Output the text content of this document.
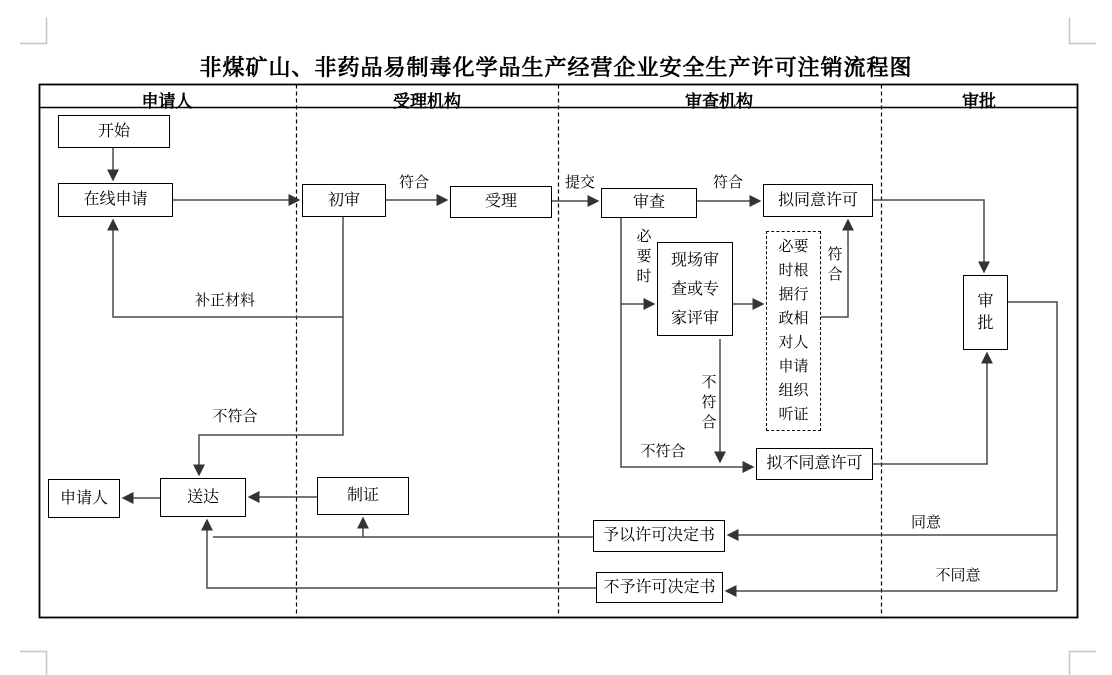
非煤矿山、非药品易制毒化学品生产经营企业安全生产许可注销流程图
申请人	受理机构	审查机构	审批
开始
在线申请	初审	受理	审查
现场审查或专家评审
必要时根据行政相对人申请组织听证
拟同意许可
拟不同意许可
审批
予以许可决定书
不予许可决定书
制证
送达
申请人
符合	提交	符合
补正材料
不符合
不符合
同意
不同意
必要时
不符合
符合
